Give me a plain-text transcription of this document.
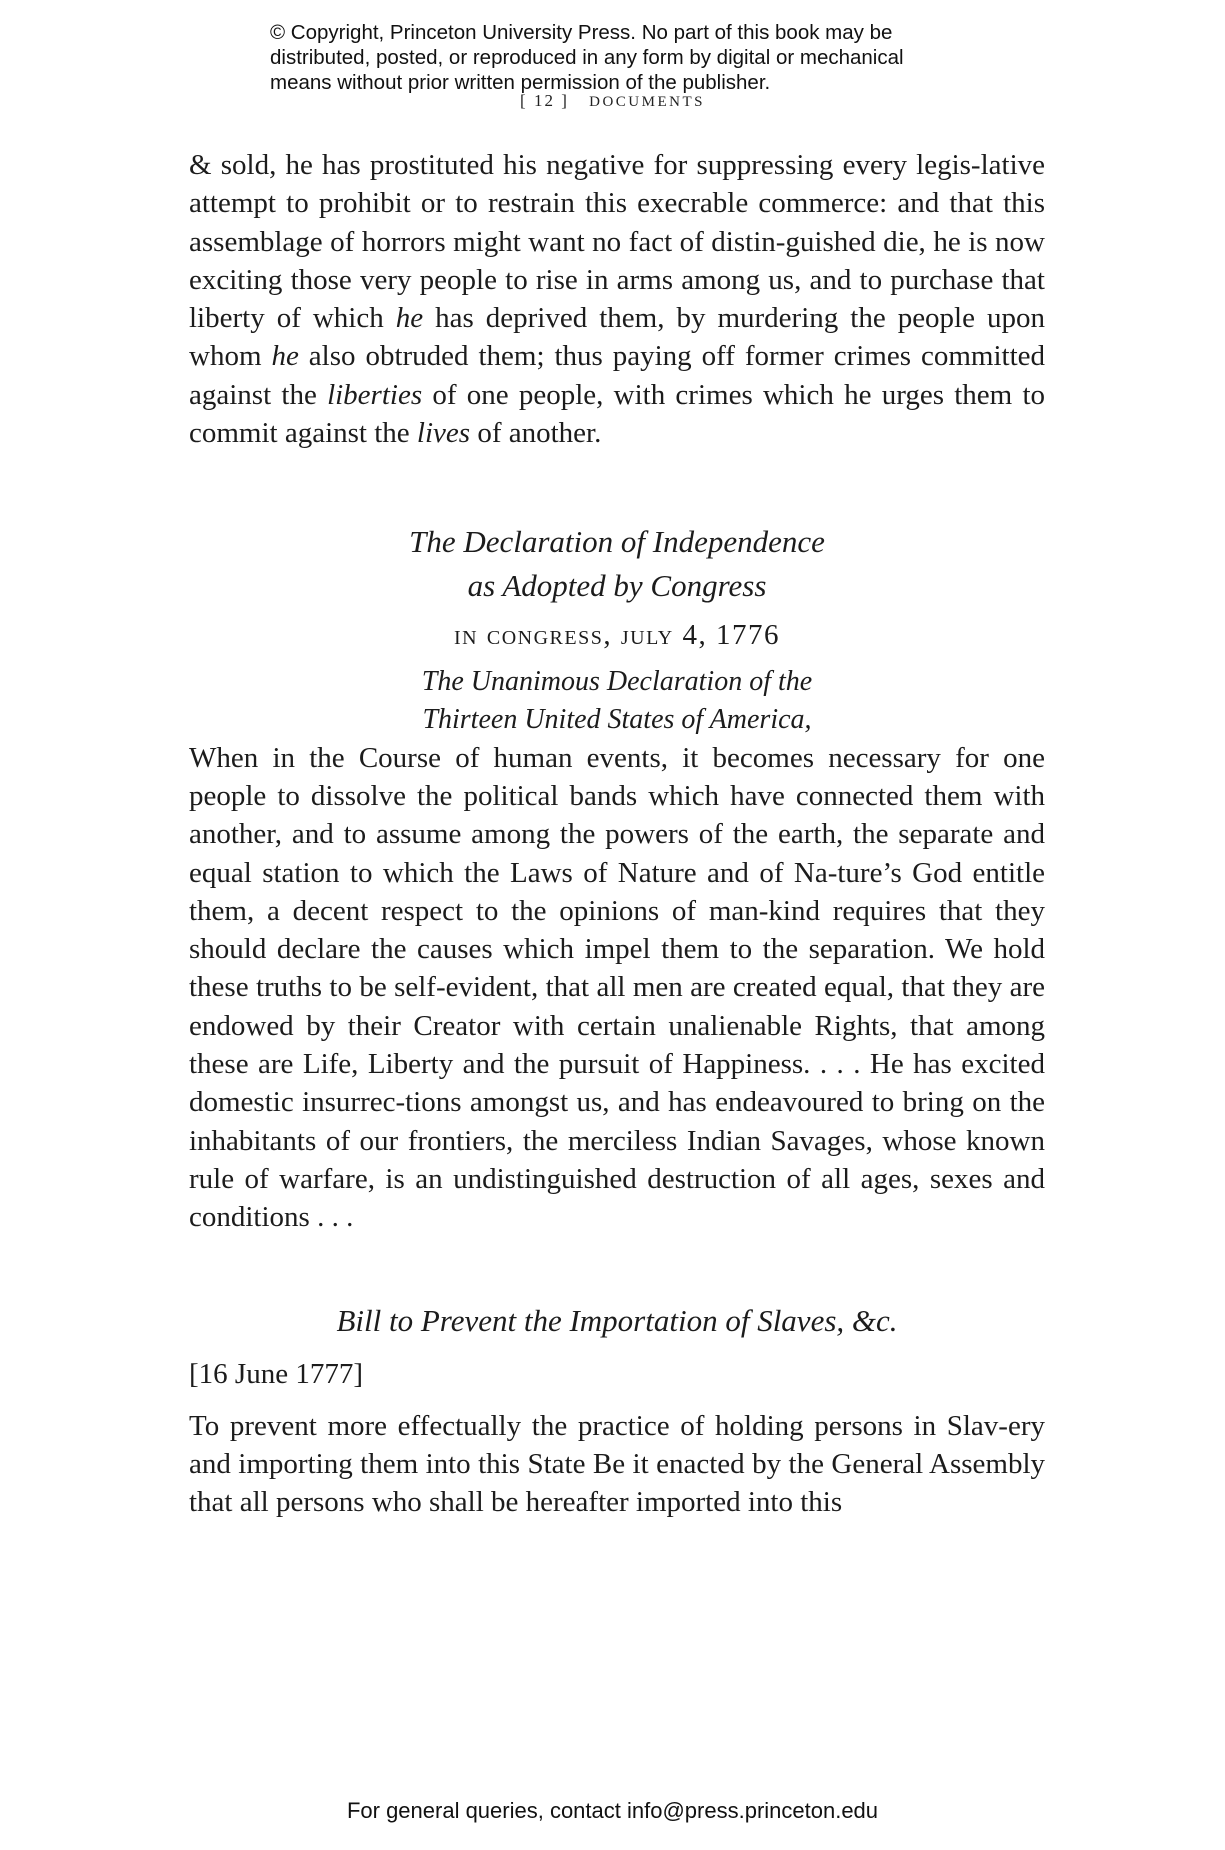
© Copyright, Princeton University Press. No part of this book may be
distributed, posted, or reproduced in any form by digital or mechanical
means without prior written permission of the publisher.
[ 12 ] DOCUMENTS

& sold, he has prostituted his negative for suppressing every legis-lative attempt to prohibit or to restrain this execrable commerce: and that this assemblage of horrors might want no fact of distin-guished die, he is now exciting those very people to rise in arms among us, and to purchase that liberty of which he has deprived them, by murdering the people upon whom he also obtruded them; thus paying off former crimes committed against the liberties of one people, with crimes which he urges them to commit against the lives of another.

The Declaration of Independence
as Adopted by Congress
in congress, july 4, 1776
The Unanimous Declaration of the
Thirteen United States of America,

When in the Course of human events, it becomes necessary for one people to dissolve the political bands which have connected them with another, and to assume among the powers of the earth, the separate and equal station to which the Laws of Nature and of Na-ture’s God entitle them, a decent respect to the opinions of man-kind requires that they should declare the causes which impel them to the separation. We hold these truths to be self-evident, that all men are created equal, that they are endowed by their Creator with certain unalienable Rights, that among these are Life, Liberty and the pursuit of Happiness. . . . He has excited domestic insurrec-tions amongst us, and has endeavoured to bring on the inhabitants of our frontiers, the merciless Indian Savages, whose known rule of warfare, is an undistinguished destruction of all ages, sexes and conditions . . .

Bill to Prevent the Importation of Slaves, &c.

[16 June 1777]

To prevent more effectually the practice of holding persons in Slav-ery and importing them into this State Be it enacted by the General Assembly that all persons who shall be hereafter imported into this

For general queries, contact info@press.princeton.edu
